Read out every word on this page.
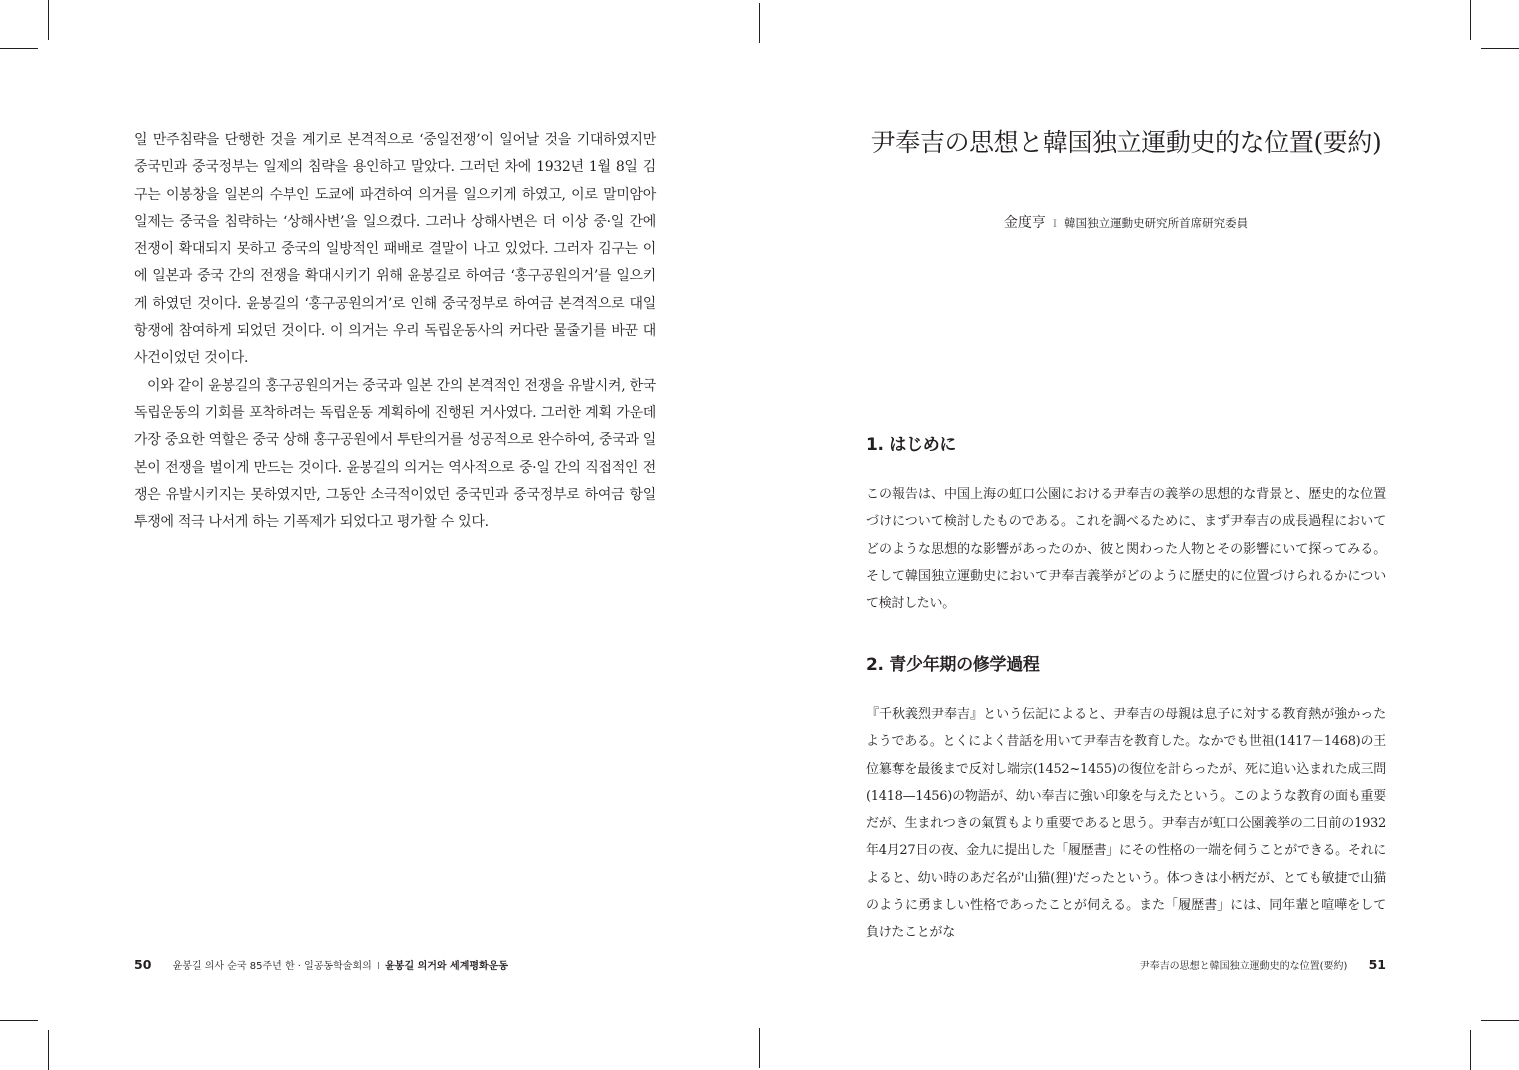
일 만주침략을 단행한 것을 계기로 본격적으로 ‘중일전쟁’이 일어날 것을 기대하였지만 중국민과 중국정부는 일제의 침략을 용인하고 말았다. 그러던 차에 1932년 1월 8일 김구는 이봉창을 일본의 수부인 도쿄에 파견하여 의거를 일으키게 하였고, 이로 말미암아 일제는 중국을 침략하는 ‘상해사변’을 일으켰다. 그러나 상해사변은 더 이상 중·일 간에 전쟁이 확대되지 못하고 중국의 일방적인 패배로 결말이 나고 있었다. 그러자 김구는 이에 일본과 중국 간의 전쟁을 확대시키기 위해 윤봉길로 하여금 ‘홍구공원의거’를 일으키게 하였던 것이다. 윤봉길의 ‘홍구공원의거’로 인해 중국정부로 하여금 본격적으로 대일항쟁에 참여하게 되었던 것이다. 이 의거는 우리 독립운동사의 커다란 물줄기를 바꾼 대사건이었던 것이다.

이와 같이 윤봉길의 홍구공원의거는 중국과 일본 간의 본격적인 전쟁을 유발시켜, 한국독립운동의 기회를 포착하려는 독립운동 계획하에 진행된 거사였다. 그러한 계획 가운데 가장 중요한 역할은 중국 상해 홍구공원에서 투탄의거를 성공적으로 완수하여, 중국과 일본이 전쟁을 벌이게 만드는 것이다. 윤봉길의 의거는 역사적으로 중·일 간의 직접적인 전쟁은 유발시키지는 못하였지만, 그동안 소극적이었던 중국민과 중국정부로 하여금 항일투쟁에 적극 나서게 하는 기폭제가 되었다고 평가할 수 있다.

50 윤봉길 의사 순국 85주년 한 · 일공동학술회의 I 윤봉길 의거와 세계평화운동
尹奉吉の思想と韓国独立運動史的な位置(要約)
金度亨 I 韓国独立運動史研究所首席研究委員
1. はじめに

この報告は、中国上海の虹口公園における尹奉吉の義挙の思想的な背景と、歴史的な位置づけについて検討したものである。これを調べるために、まず尹奉吉の成長過程においてどのような思想的な影響があったのか、彼と関わった人物とその影響にいて探ってみる。そして韓国独立運動史において尹奉吉義挙がどのように歴史的に位置づけられるかについて検討したい。

2. 青少年期の修学過程

『千秋義烈尹奉吉』という伝記によると、尹奉吉の母親は息子に対する教育熱が強かったようである。とくによく昔話を用いて尹奉吉を教育した。なかでも世祖(1417－1468)の王位簒奪を最後まで反対し端宗(1452~1455)の復位を計らったが、死に追い込まれた成三問(1418—1456)の物語が、幼い奉吉に強い印象を与えたという。このような教育の面も重要だが、生まれつきの氣質もより重要であると思う。尹奉吉が虹口公園義挙の二日前の1932年4月27日の夜、金九に提出した「履歴書」にその性格の一端を伺うことができる。それによると、幼い時のあだ名が'山猫(狸)'だったという。体つきは小柄だが、とても敏捷で山猫のように勇ましい性格であったことが伺える。また「履歴書」には、同年輩と喧嘩をして負けたことがな

尹奉吉の思想と韓国独立運動史的な位置(要約) 51
